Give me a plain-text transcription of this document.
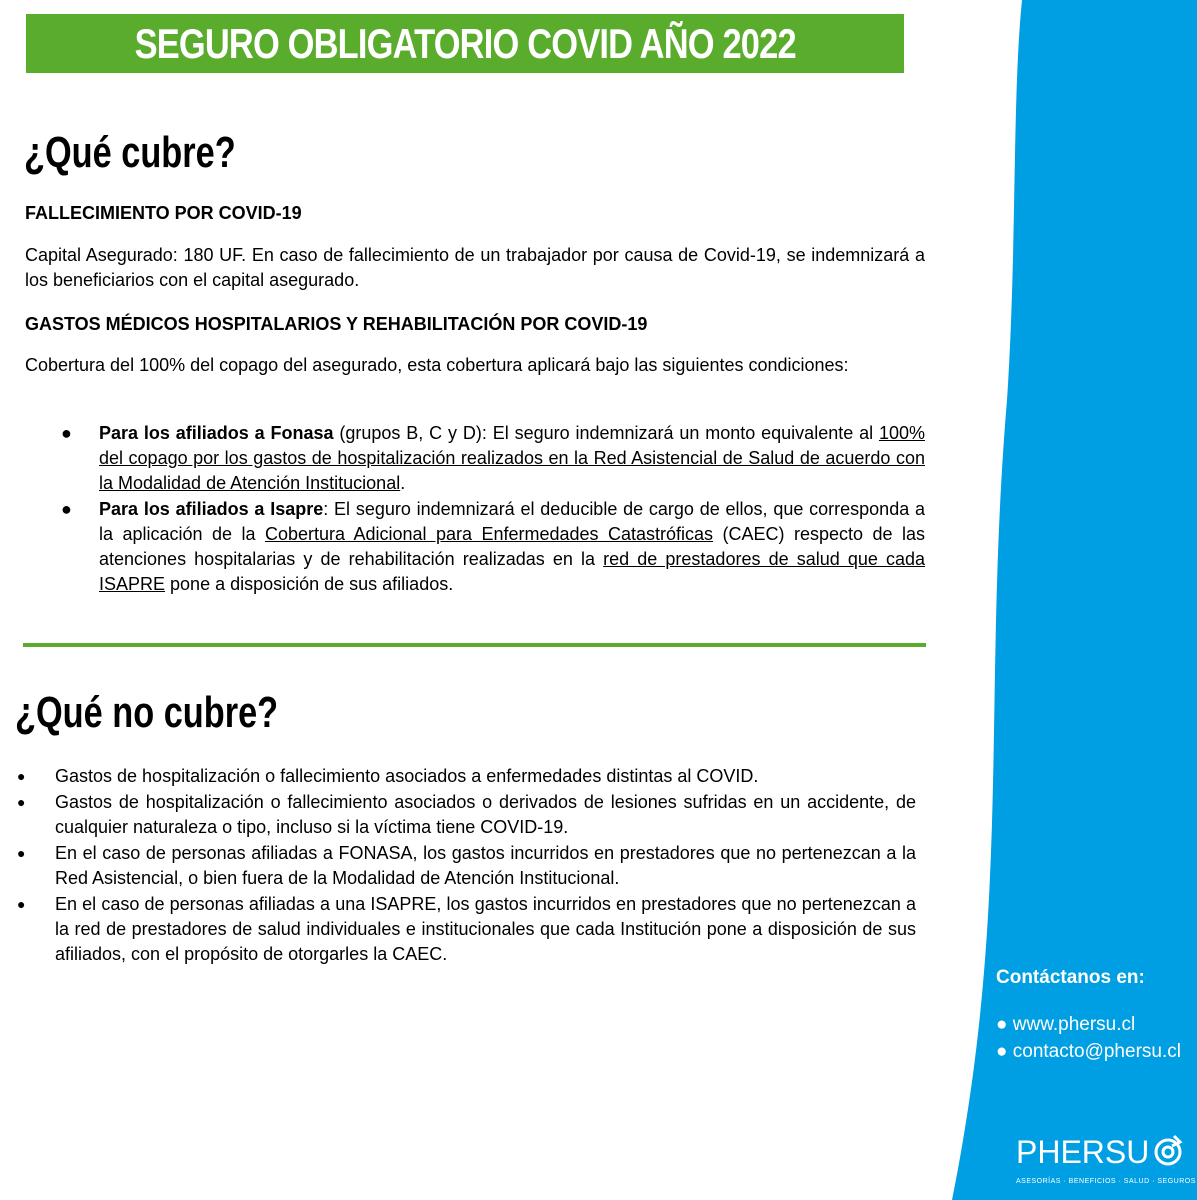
SEGURO OBLIGATORIO COVID AÑO 2022
¿Qué cubre?
FALLECIMIENTO POR COVID-19
Capital Asegurado: 180 UF. En caso de fallecimiento de un trabajador por causa de Covid-19, se indemnizará a los beneficiarios con el capital asegurado.
GASTOS MÉDICOS HOSPITALARIOS Y REHABILITACIÓN POR COVID-19
Cobertura del 100% del copago del asegurado, esta cobertura aplicará bajo las siguientes condiciones:
● Para los afiliados a Fonasa (grupos B, C y D): El seguro indemnizará un monto equivalente al 100% del copago por los gastos de hospitalización realizados en la Red Asistencial de Salud de acuerdo con la Modalidad de Atención Institucional.
● Para los afiliados a Isapre: El seguro indemnizará el deducible de cargo de ellos, que corresponda a la aplicación de la Cobertura Adicional para Enfermedades Catastróficas (CAEC) respecto de las atenciones hospitalarias y de rehabilitación realizadas en la red de prestadores de salud que cada ISAPRE pone a disposición de sus afiliados.
¿Qué no cubre?
● Gastos de hospitalización o fallecimiento asociados a enfermedades distintas al COVID.
● Gastos de hospitalización o fallecimiento asociados o derivados de lesiones sufridas en un accidente, de cualquier naturaleza o tipo, incluso si la víctima tiene COVID-19.
● En el caso de personas afiliadas a FONASA, los gastos incurridos en prestadores que no pertenezcan a la Red Asistencial, o bien fuera de la Modalidad de Atención Institucional.
● En el caso de personas afiliadas a una ISAPRE, los gastos incurridos en prestadores que no pertenezcan a la red de prestadores de salud individuales e institucionales que cada Institución pone a disposición de sus afiliados, con el propósito de otorgarles la CAEC.
Contáctanos en:
● www.phersu.cl
● contacto@phersu.cl
PHERSU
ASESORÍAS · BENEFICIOS · SALUD · SEGUROS
